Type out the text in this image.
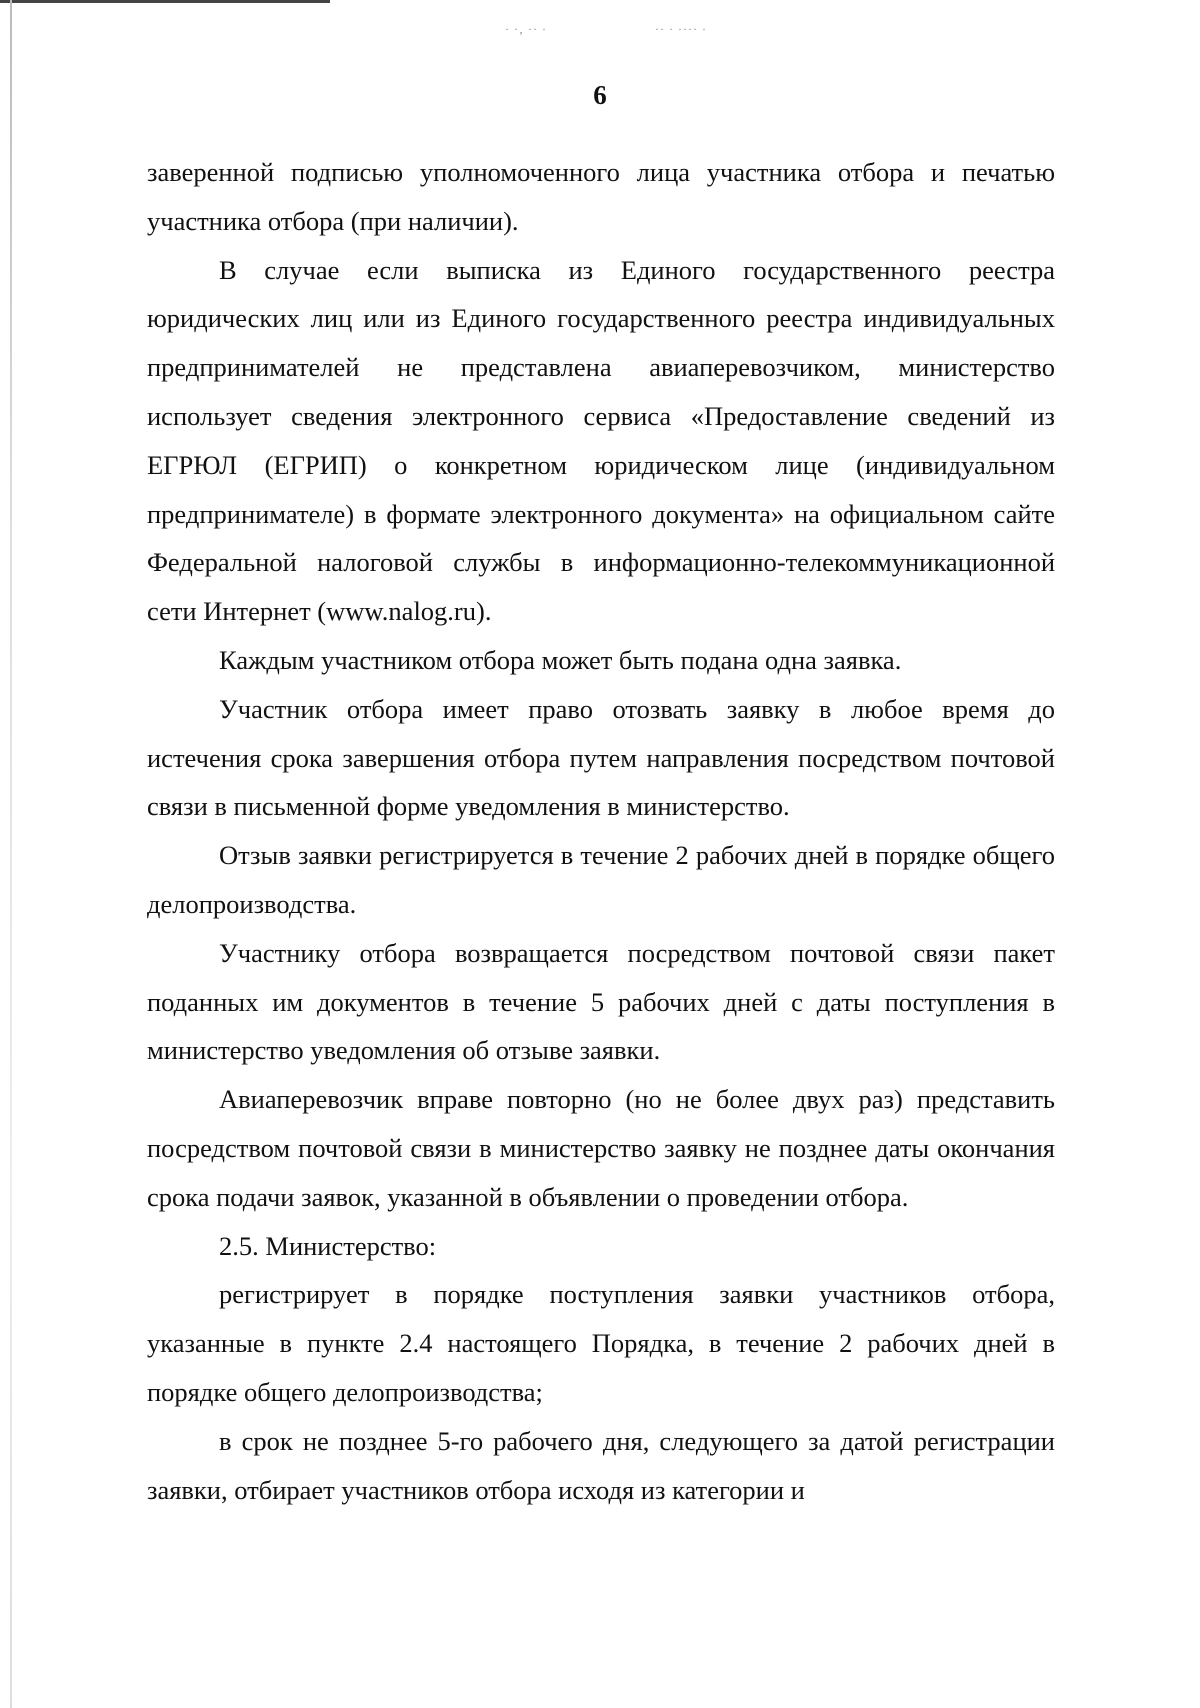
· ·‚ ·· ·	·· · ···· ·
6

заверенной подписью уполномоченного лица участника отбора и печатью участника отбора (при наличии).

В случае если выписка из Единого государственного реестра юридических лиц или из Единого государственного реестра индивидуальных предпринимателей не представлена авиаперевозчиком, министерство использует сведения электронного сервиса «Предоставление сведений из ЕГРЮЛ (ЕГРИП) о конкретном юридическом лице (индивидуальном предпринимателе) в формате электронного документа» на официальном сайте Федеральной налоговой службы в информационно-телекоммуникационной сети Интернет (www.nalog.ru).

Каждым участником отбора может быть подана одна заявка.

Участник отбора имеет право отозвать заявку в любое время до истечения срока завершения отбора путем направления посредством почтовой связи в письменной форме уведомления в министерство.

Отзыв заявки регистрируется в течение 2 рабочих дней в порядке общего делопроизводства.

Участнику отбора возвращается посредством почтовой связи пакет поданных им документов в течение 5 рабочих дней с даты поступления в министерство уведомления об отзыве заявки.

Авиаперевозчик вправе повторно (но не более двух раз) представить посредством почтовой связи в министерство заявку не позднее даты окончания срока подачи заявок, указанной в объявлении о проведении отбора.

2.5. Министерство:

регистрирует в порядке поступления заявки участников отбора, указанные в пункте 2.4 настоящего Порядка, в течение 2 рабочих дней в порядке общего делопроизводства;

в срок не позднее 5-го рабочего дня, следующего за датой регистрации заявки, отбирает участников отбора исходя из категории и
